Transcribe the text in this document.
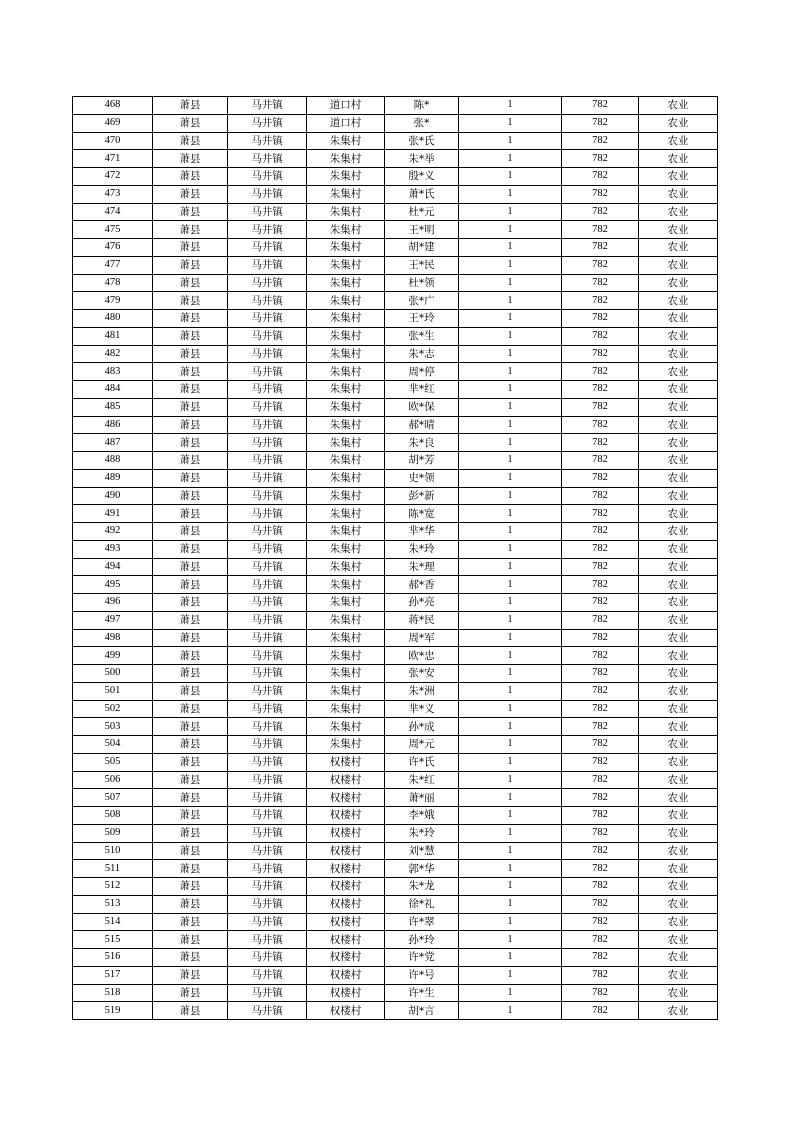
468	萧县	马井镇	道口村	陈*	1	782	农业
469	萧县	马井镇	道口村	张*	1	782	农业
470	萧县	马井镇	朱集村	张*氏	1	782	农业
471	萧县	马井镇	朱集村	朱*举	1	782	农业
472	萧县	马井镇	朱集村	殷*义	1	782	农业
473	萧县	马井镇	朱集村	萧*氏	1	782	农业
474	萧县	马井镇	朱集村	杜*元	1	782	农业
475	萧县	马井镇	朱集村	王*明	1	782	农业
476	萧县	马井镇	朱集村	胡*建	1	782	农业
477	萧县	马井镇	朱集村	王*民	1	782	农业
478	萧县	马井镇	朱集村	杜*领	1	782	农业
479	萧县	马井镇	朱集村	张*广	1	782	农业
480	萧县	马井镇	朱集村	王*玲	1	782	农业
481	萧县	马井镇	朱集村	张*生	1	782	农业
482	萧县	马井镇	朱集村	朱*志	1	782	农业
483	萧县	马井镇	朱集村	周*停	1	782	农业
484	萧县	马井镇	朱集村	芈*红	1	782	农业
485	萧县	马井镇	朱集村	欧*保	1	782	农业
486	萧县	马井镇	朱集村	郝*晴	1	782	农业
487	萧县	马井镇	朱集村	朱*良	1	782	农业
488	萧县	马井镇	朱集村	胡*芳	1	782	农业
489	萧县	马井镇	朱集村	史*领	1	782	农业
490	萧县	马井镇	朱集村	彭*新	1	782	农业
491	萧县	马井镇	朱集村	陈*宽	1	782	农业
492	萧县	马井镇	朱集村	芈*华	1	782	农业
493	萧县	马井镇	朱集村	朱*玲	1	782	农业
494	萧县	马井镇	朱集村	朱*理	1	782	农业
495	萧县	马井镇	朱集村	郝*香	1	782	农业
496	萧县	马井镇	朱集村	孙*亮	1	782	农业
497	萧县	马井镇	朱集村	蒋*民	1	782	农业
498	萧县	马井镇	朱集村	周*军	1	782	农业
499	萧县	马井镇	朱集村	欧*忠	1	782	农业
500	萧县	马井镇	朱集村	张*安	1	782	农业
501	萧县	马井镇	朱集村	朱*洲	1	782	农业
502	萧县	马井镇	朱集村	芈*义	1	782	农业
503	萧县	马井镇	朱集村	孙*成	1	782	农业
504	萧县	马井镇	朱集村	周*元	1	782	农业
505	萧县	马井镇	权楼村	许*氏	1	782	农业
506	萧县	马井镇	权楼村	朱*红	1	782	农业
507	萧县	马井镇	权楼村	萧*丽	1	782	农业
508	萧县	马井镇	权楼村	李*娥	1	782	农业
509	萧县	马井镇	权楼村	朱*玲	1	782	农业
510	萧县	马井镇	权楼村	刘*慧	1	782	农业
511	萧县	马井镇	权楼村	郭*华	1	782	农业
512	萧县	马井镇	权楼村	朱*龙	1	782	农业
513	萧县	马井镇	权楼村	徐*礼	1	782	农业
514	萧县	马井镇	权楼村	许*翠	1	782	农业
515	萧县	马井镇	权楼村	孙*玲	1	782	农业
516	萧县	马井镇	权楼村	许*党	1	782	农业
517	萧县	马井镇	权楼村	许*号	1	782	农业
518	萧县	马井镇	权楼村	许*生	1	782	农业
519	萧县	马井镇	权楼村	胡*言	1	782	农业
